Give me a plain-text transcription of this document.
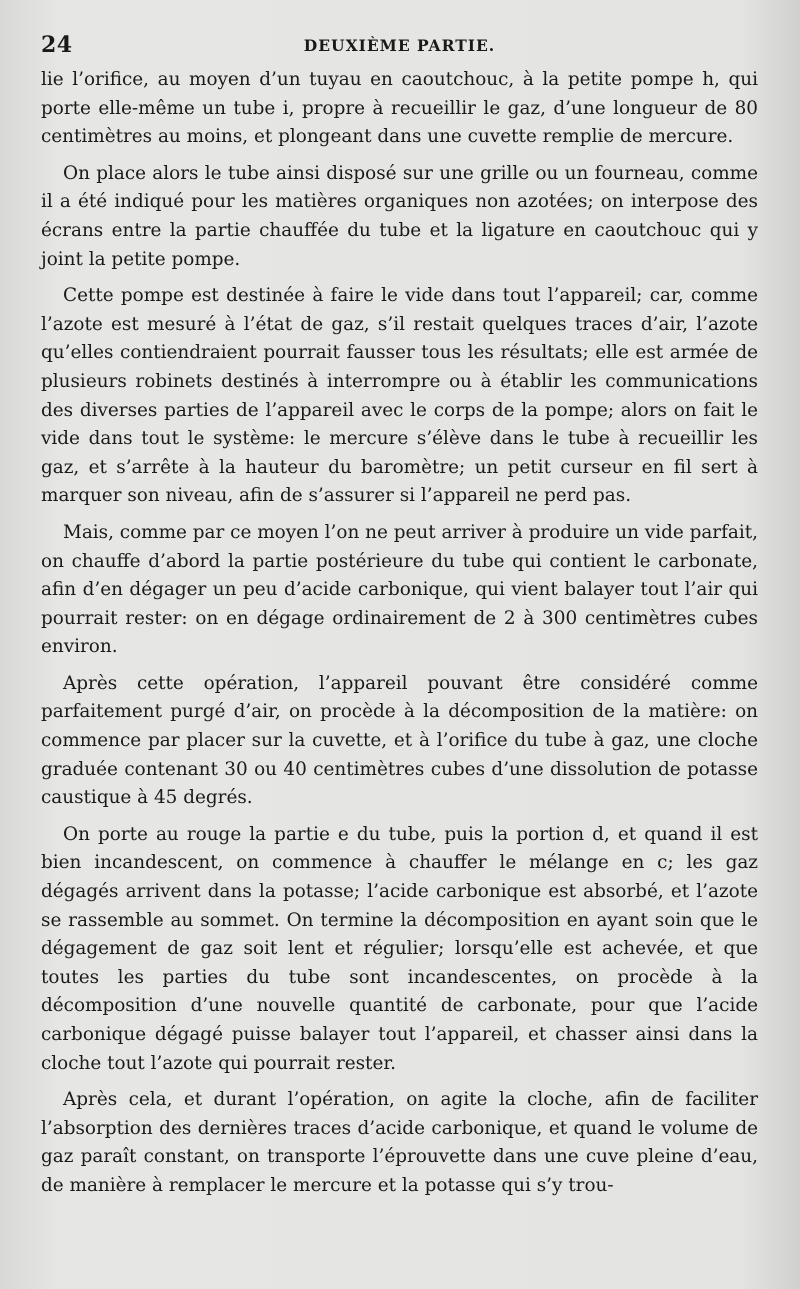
24	DEUXIÈME PARTIE.

lie l’orifice, au moyen d’un tuyau en caoutchouc, à la petite pompe h, qui porte elle-même un tube i, propre à recueillir le gaz, d’une longueur de 80 centimètres au moins, et plongeant dans une cuvette remplie de mercure.

On place alors le tube ainsi disposé sur une grille ou un fourneau, comme il a été indiqué pour les matières organiques non azotées; on interpose des écrans entre la partie chauffée du tube et la ligature en caoutchouc qui y joint la petite pompe.

Cette pompe est destinée à faire le vide dans tout l’appareil; car, comme l’azote est mesuré à l’état de gaz, s’il restait quelques traces d’air, l’azote qu’elles contiendraient pourrait fausser tous les résultats; elle est armée de plusieurs robinets destinés à interrompre ou à établir les communications des diverses parties de l’appareil avec le corps de la pompe; alors on fait le vide dans tout le système: le mercure s’élève dans le tube à recueillir les gaz, et s’arrête à la hauteur du baromètre; un petit curseur en fil sert à marquer son niveau, afin de s’assurer si l’appareil ne perd pas.

Mais, comme par ce moyen l’on ne peut arriver à produire un vide parfait, on chauffe d’abord la partie postérieure du tube qui contient le carbonate, afin d’en dégager un peu d’acide carbonique, qui vient balayer tout l’air qui pourrait rester: on en dégage ordinairement de 2 à 300 centimètres cubes environ.

Après cette opération, l’appareil pouvant être considéré comme parfaitement purgé d’air, on procède à la décomposition de la matière: on commence par placer sur la cuvette, et à l’orifice du tube à gaz, une cloche graduée contenant 30 ou 40 centimètres cubes d’une dissolution de potasse caustique à 45 degrés.

On porte au rouge la partie e du tube, puis la portion d, et quand il est bien incandescent, on commence à chauffer le mélange en c; les gaz dégagés arrivent dans la potasse; l’acide carbonique est absorbé, et l’azote se rassemble au sommet. On termine la décomposition en ayant soin que le dégagement de gaz soit lent et régulier; lorsqu’elle est achevée, et que toutes les parties du tube sont incandescentes, on procède à la décomposition d’une nouvelle quantité de carbonate, pour que l’acide carbonique dégagé puisse balayer tout l’appareil, et chasser ainsi dans la cloche tout l’azote qui pourrait rester.

Après cela, et durant l’opération, on agite la cloche, afin de faciliter l’absorption des dernières traces d’acide carbonique, et quand le volume de gaz paraît constant, on transporte l’éprouvette dans une cuve pleine d’eau, de manière à remplacer le mercure et la potasse qui s’y trou-
